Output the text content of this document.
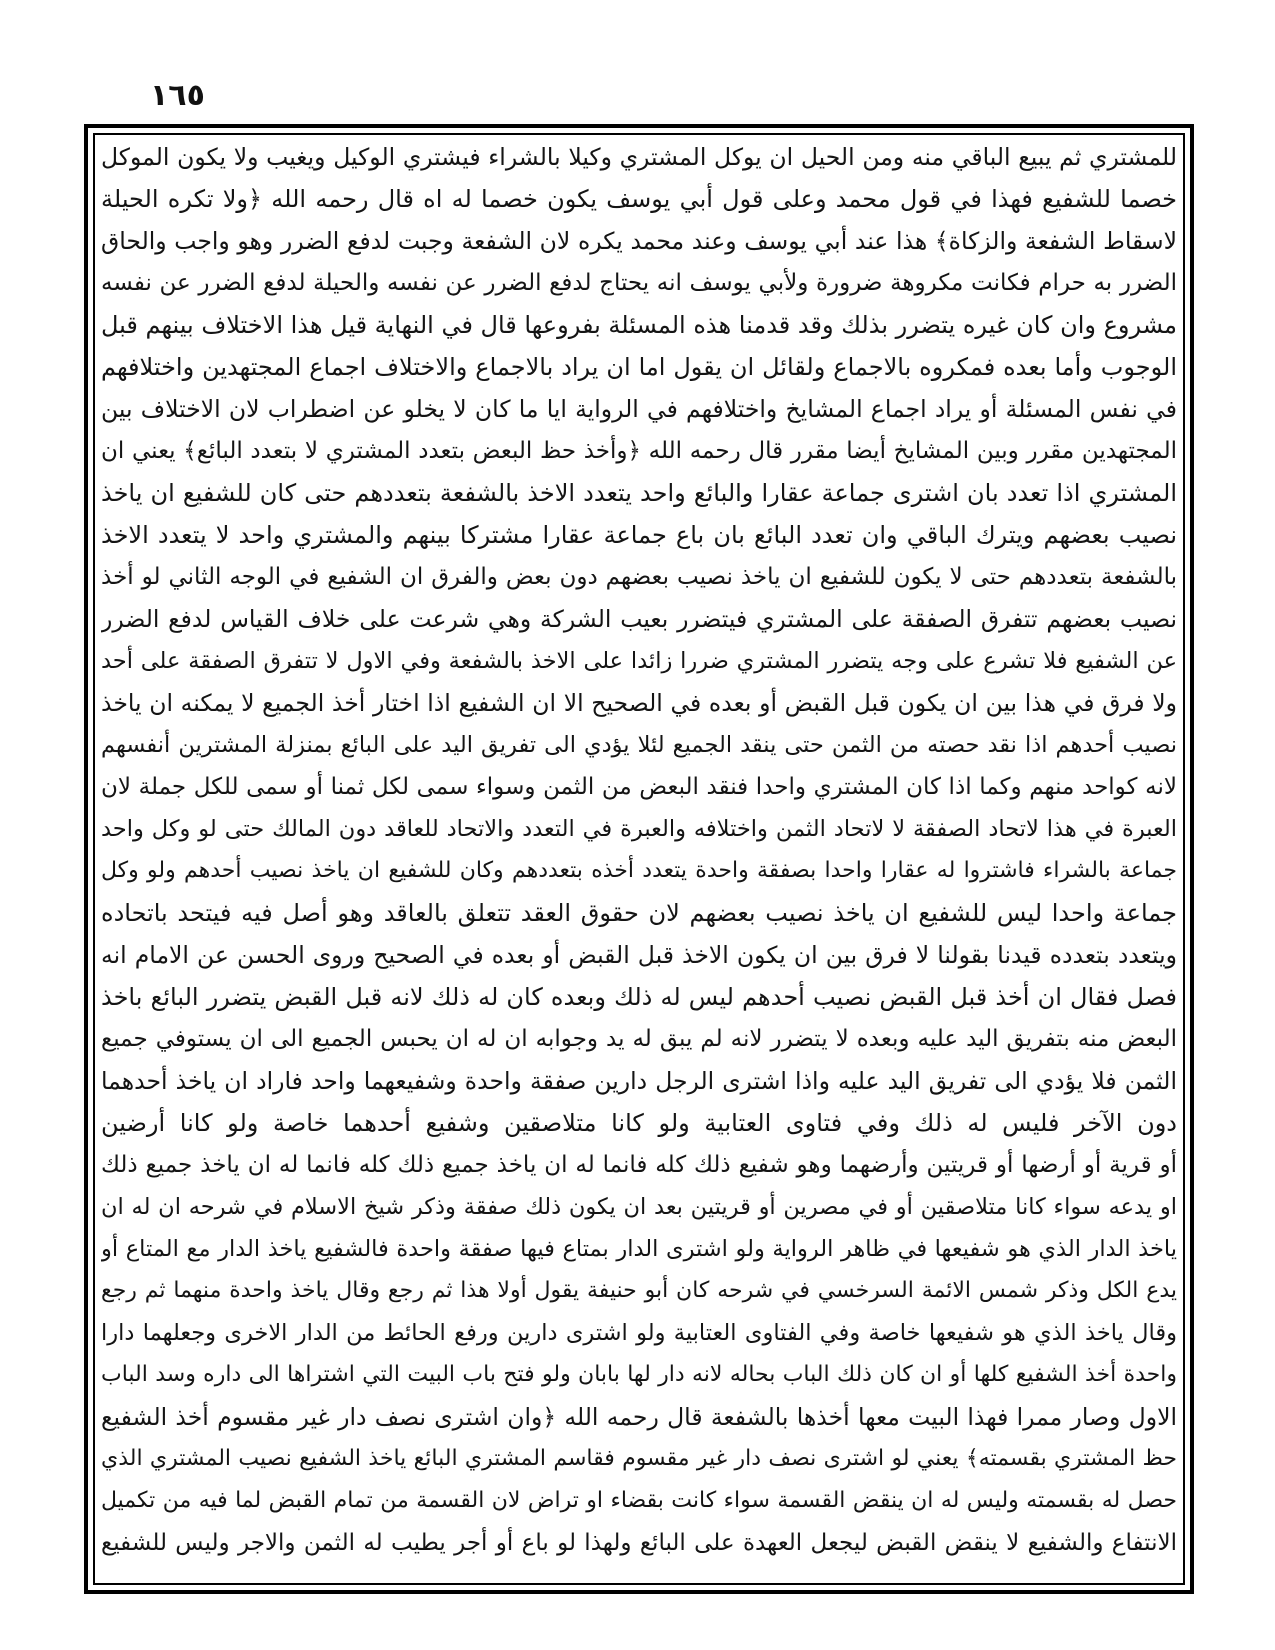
١٦٥
للمشتري ثم يبيع الباقي منه ومن الحيل ان يوكل المشتري وكيلا بالشراء فيشتري الوكيل ويغيب ولا يكون الموكل
خصما للشفيع فهذا في قول محمد وعلى قول أبي يوسف يكون خصما له اه قال رحمه الله ﴿ولا تكره الحيلة
لاسقاط الشفعة والزكاة﴾ هذا عند أبي يوسف وعند محمد يكره لان الشفعة وجبت لدفع الضرر وهو واجب والحاق
الضرر به حرام فكانت مكروهة ضرورة ولأبي يوسف انه يحتاج لدفع الضرر عن نفسه والحيلة لدفع الضرر عن نفسه
مشروع وان كان غيره يتضرر بذلك وقد قدمنا هذه المسئلة بفروعها قال في النهاية قيل هذا الاختلاف بينهم قبل
الوجوب وأما بعده فمكروه بالاجماع ولقائل ان يقول اما ان يراد بالاجماع والاختلاف اجماع المجتهدين واختلافهم
في نفس المسئلة أو يراد اجماع المشايخ واختلافهم في الرواية ايا ما كان لا يخلو عن اضطراب لان الاختلاف بين
المجتهدين مقرر وبين المشايخ أيضا مقرر قال رحمه الله ﴿وأخذ حظ البعض بتعدد المشتري لا بتعدد البائع﴾ يعني ان
المشتري اذا تعدد بان اشترى جماعة عقارا والبائع واحد يتعدد الاخذ بالشفعة بتعددهم حتى كان للشفيع ان ياخذ
نصيب بعضهم ويترك الباقي وان تعدد البائع بان باع جماعة عقارا مشتركا بينهم والمشتري واحد لا يتعدد الاخذ
بالشفعة بتعددهم حتى لا يكون للشفيع ان ياخذ نصيب بعضهم دون بعض والفرق ان الشفيع في الوجه الثاني لو أخذ
نصيب بعضهم تتفرق الصفقة على المشتري فيتضرر بعيب الشركة وهي شرعت على خلاف القياس لدفع الضرر
عن الشفيع فلا تشرع على وجه يتضرر المشتري ضررا زائدا على الاخذ بالشفعة وفي الاول لا تتفرق الصفقة على أحد
ولا فرق في هذا بين ان يكون قبل القبض أو بعده في الصحيح الا ان الشفيع اذا اختار أخذ الجميع لا يمكنه ان ياخذ
نصيب أحدهم اذا نقد حصته من الثمن حتى ينقد الجميع لئلا يؤدي الى تفريق اليد على البائع بمنزلة المشترين أنفسهم
لانه كواحد منهم وكما اذا كان المشتري واحدا فنقد البعض من الثمن وسواء سمى لكل ثمنا أو سمى للكل جملة لان
العبرة في هذا لاتحاد الصفقة لا لاتحاد الثمن واختلافه والعبرة في التعدد والاتحاد للعاقد دون المالك حتى لو وكل واحد
جماعة بالشراء فاشتروا له عقارا واحدا بصفقة واحدة يتعدد أخذه بتعددهم وكان للشفيع ان ياخذ نصيب أحدهم ولو وكل
جماعة واحدا ليس للشفيع ان ياخذ نصيب بعضهم لان حقوق العقد تتعلق بالعاقد وهو أصل فيه فيتحد باتحاده
ويتعدد بتعدده قيدنا بقولنا لا فرق بين ان يكون الاخذ قبل القبض أو بعده في الصحيح وروى الحسن عن الامام انه
فصل فقال ان أخذ قبل القبض نصيب أحدهم ليس له ذلك وبعده كان له ذلك لانه قبل القبض يتضرر البائع باخذ
البعض منه بتفريق اليد عليه وبعده لا يتضرر لانه لم يبق له يد وجوابه ان له ان يحبس الجميع الى ان يستوفي جميع
الثمن فلا يؤدي الى تفريق اليد عليه واذا اشترى الرجل دارين صفقة واحدة وشفيعهما واحد فاراد ان ياخذ أحدهما
دون الآخر فليس له ذلك وفي فتاوى العتابية ولو كانا متلاصقين وشفيع أحدهما خاصة ولو كانا أرضين
أو قرية أو أرضها أو قريتين وأرضهما وهو شفيع ذلك كله فانما له ان ياخذ جميع ذلك كله فانما له ان ياخذ جميع ذلك
او يدعه سواء كانا متلاصقين أو في مصرين أو قريتين بعد ان يكون ذلك صفقة وذكر شيخ الاسلام في شرحه ان له ان
ياخذ الدار الذي هو شفيعها في ظاهر الرواية ولو اشترى الدار بمتاع فيها صفقة واحدة فالشفيع ياخذ الدار مع المتاع أو
يدع الكل وذكر شمس الائمة السرخسي في شرحه كان أبو حنيفة يقول أولا هذا ثم رجع وقال ياخذ واحدة منهما ثم رجع
وقال ياخذ الذي هو شفيعها خاصة وفي الفتاوى العتابية ولو اشترى دارين ورفع الحائط من الدار الاخرى وجعلهما دارا
واحدة أخذ الشفيع كلها أو ان كان ذلك الباب بحاله لانه دار لها بابان ولو فتح باب البيت التي اشتراها الى داره وسد الباب
الاول وصار ممرا فهذا البيت معها أخذها بالشفعة قال رحمه الله ﴿وان اشترى نصف دار غير مقسوم أخذ الشفيع
حظ المشتري بقسمته﴾ يعني لو اشترى نصف دار غير مقسوم فقاسم المشتري البائع ياخذ الشفيع نصيب المشتري الذي
حصل له بقسمته وليس له ان ينقض القسمة سواء كانت بقضاء او تراض لان القسمة من تمام القبض لما فيه من تكميل
الانتفاع والشفيع لا ينقض القبض ليجعل العهدة على البائع ولهذا لو باع أو أجر يطيب له الثمن والاجر وليس للشفيع
